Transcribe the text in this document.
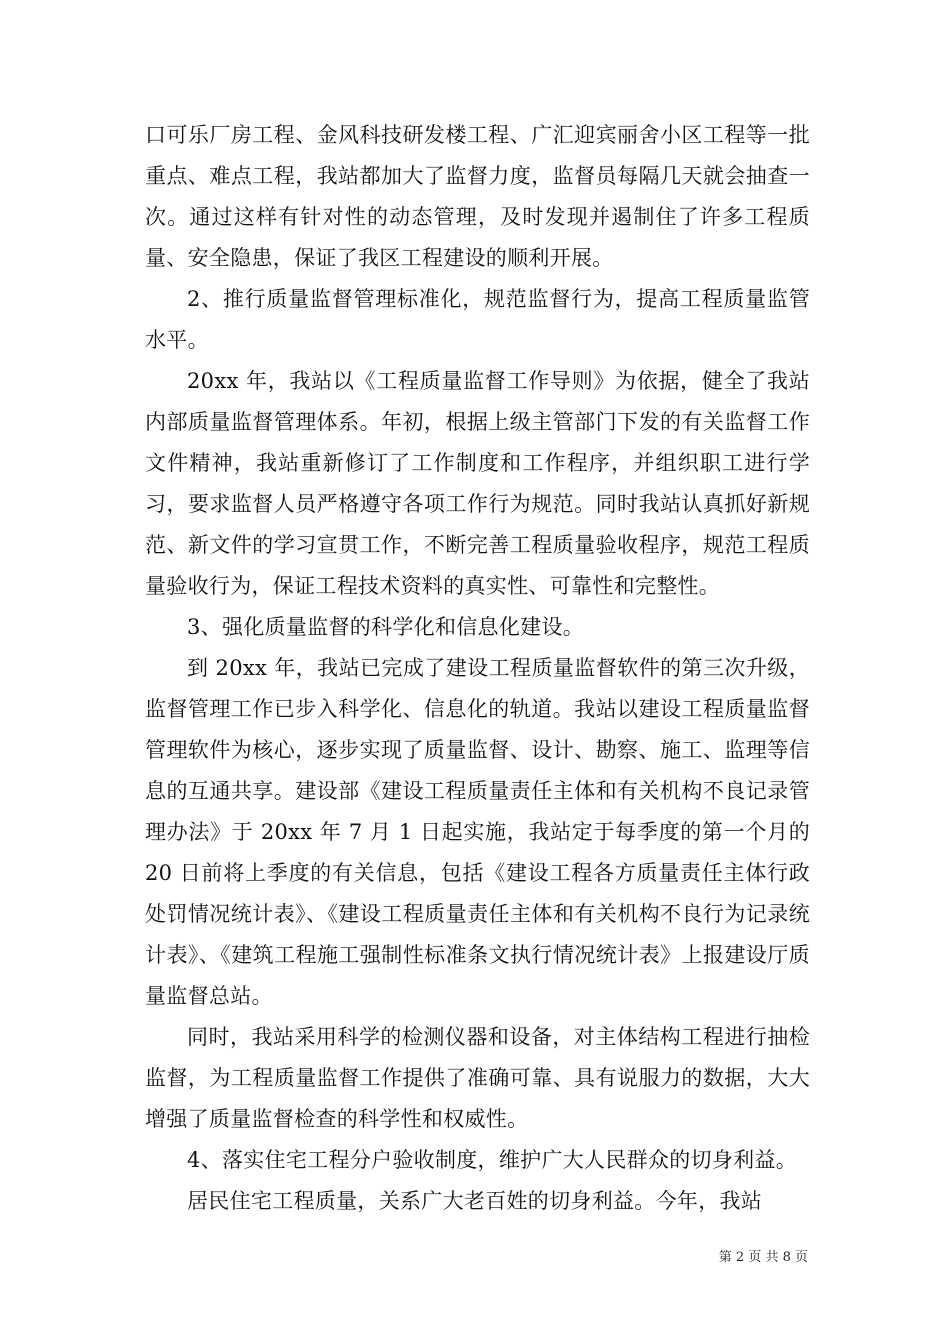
口可乐厂房工程、金风科技研发楼工程、广汇迎宾丽舍小区工程等一批重点、难点工程，我站都加大了监督力度，监督员每隔几天就会抽查一次。通过这样有针对性的动态管理，及时发现并遏制住了许多工程质量、安全隐患，保证了我区工程建设的顺利开展。

2、推行质量监督管理标准化，规范监督行为，提高工程质量监管水平。

20xx 年，我站以《工程质量监督工作导则》为依据，健全了我站内部质量监督管理体系。年初，根据上级主管部门下发的有关监督工作文件精神，我站重新修订了工作制度和工作程序，并组织职工进行学习，要求监督人员严格遵守各项工作行为规范。同时我站认真抓好新规范、新文件的学习宣贯工作，不断完善工程质量验收程序，规范工程质量验收行为，保证工程技术资料的真实性、可靠性和完整性。

3、强化质量监督的科学化和信息化建设。

到 20xx 年，我站已完成了建设工程质量监督软件的第三次升级，监督管理工作已步入科学化、信息化的轨道。我站以建设工程质量监督管理软件为核心，逐步实现了质量监督、设计、勘察、施工、监理等信息的互通共享。建设部《建设工程质量责任主体和有关机构不良记录管理办法》于 20xx 年 7 月 1 日起实施，我站定于每季度的第一个月的 20 日前将上季度的有关信息，包括《建设工程各方质量责任主体行政处罚情况统计表》、《建设工程质量责任主体和有关机构不良行为记录统计表》、《建筑工程施工强制性标准条文执行情况统计表》上报建设厅质量监督总站。

同时，我站采用科学的检测仪器和设备，对主体结构工程进行抽检监督，为工程质量监督工作提供了准确可靠、具有说服力的数据，大大增强了质量监督检查的科学性和权威性。

4、落实住宅工程分户验收制度，维护广大人民群众的切身利益。

居民住宅工程质量，关系广大老百姓的切身利益。今年，我站

第 2 页 共 8 页
